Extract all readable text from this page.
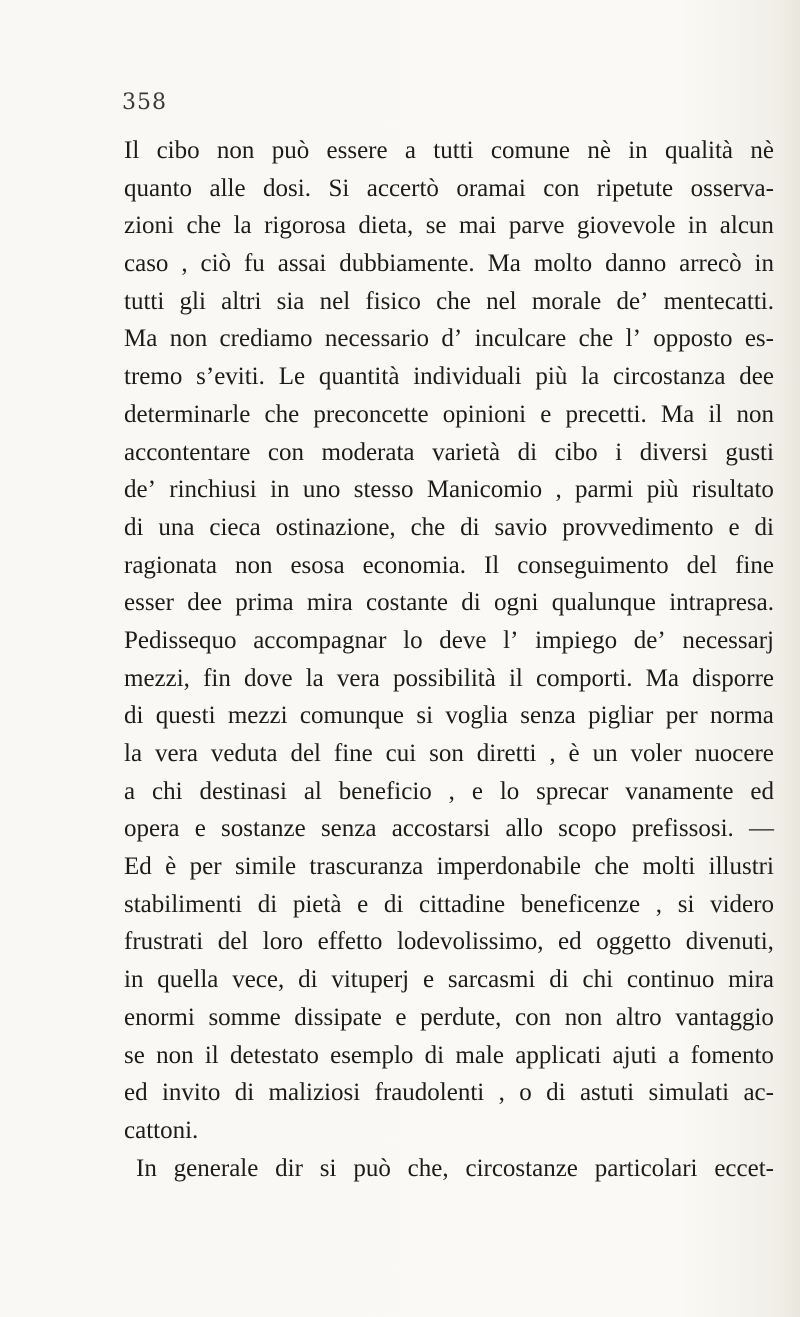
358
Il cibo non può essere a tutti comune nè in qualità nè
quanto alle dosi. Si accertò oramai con ripetute osserva-
zioni che la rigorosa dieta, se mai parve giovevole in alcun
caso , ciò fu assai dubbiamente. Ma molto danno arrecò in
tutti gli altri sia nel fisico che nel morale de’ mentecatti.
Ma non crediamo necessario d’ inculcare che l’ opposto es-
tremo s’eviti. Le quantità individuali più la circostanza dee
determinarle che preconcette opinioni e precetti. Ma il non
accontentare con moderata varietà di cibo i diversi gusti
de’ rinchiusi in uno stesso Manicomio , parmi più risultato
di una cieca ostinazione, che di savio provvedimento e di
ragionata non esosa economia. Il conseguimento del fine
esser dee prima mira costante di ogni qualunque intrapresa.
Pedissequo accompagnar lo deve l’ impiego de’ necessarj
mezzi, fin dove la vera possibilità il comporti. Ma disporre
di questi mezzi comunque si voglia senza pigliar per norma
la vera veduta del fine cui son diretti , è un voler nuocere
a chi destinasi al beneficio , e lo sprecar vanamente ed
opera e sostanze senza accostarsi allo scopo prefissosi. —
Ed è per simile trascuranza imperdonabile che molti illustri
stabilimenti di pietà e di cittadine beneficenze , si videro
frustrati del loro effetto lodevolissimo, ed oggetto divenuti,
in quella vece, di vituperj e sarcasmi di chi continuo mira
enormi somme dissipate e perdute, con non altro vantaggio
se non il detestato esemplo di male applicati ajuti a fomento
ed invito di maliziosi fraudolenti , o di astuti simulati ac-
cattoni.
In generale dir si può che, circostanze particolari eccet-
